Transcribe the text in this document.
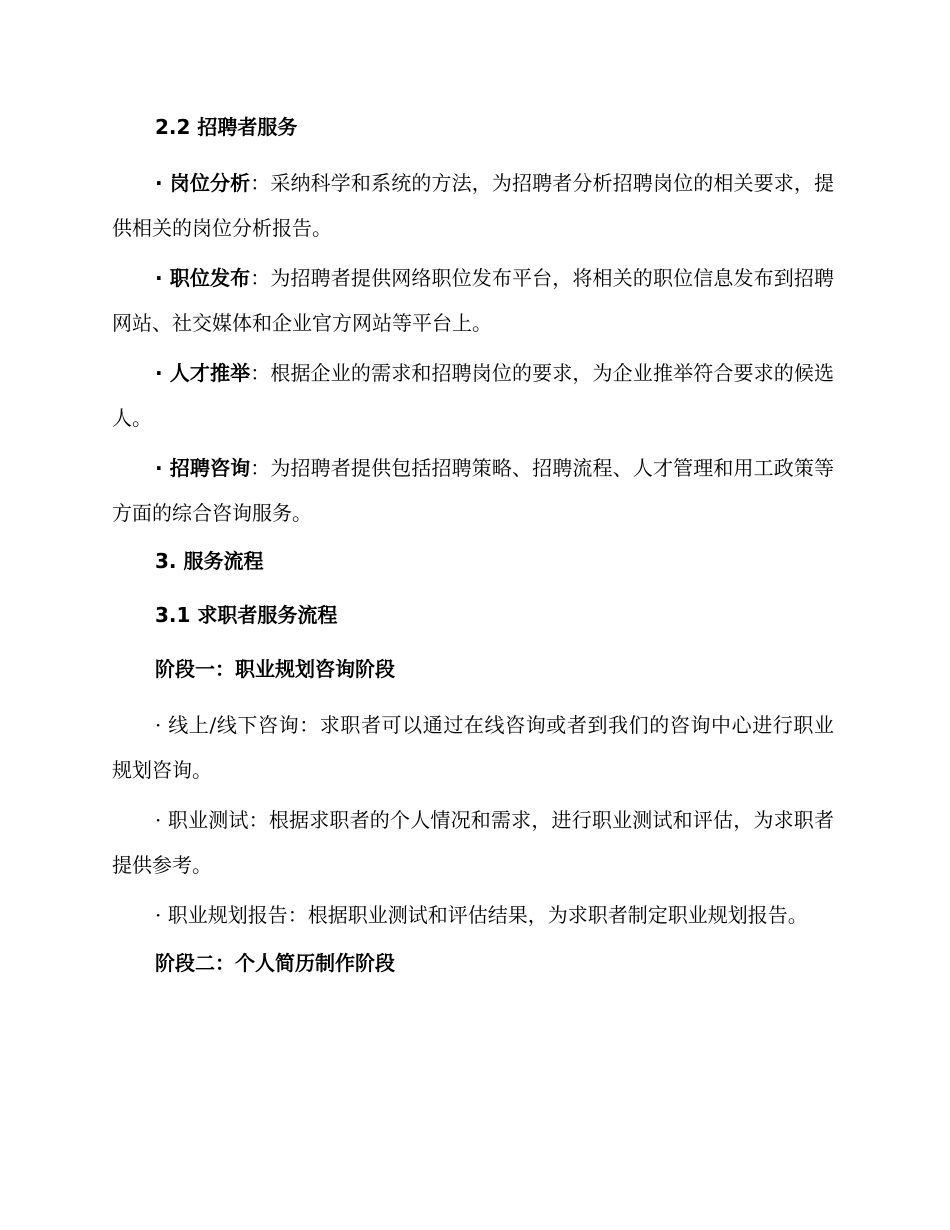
2.2 招聘者服务

· 岗位分析：采纳科学和系统的方法，为招聘者分析招聘岗位的相关要求，提供相关的岗位分析报告。

· 职位发布：为招聘者提供网络职位发布平台，将相关的职位信息发布到招聘网站、社交媒体和企业官方网站等平台上。

· 人才推举：根据企业的需求和招聘岗位的要求，为企业推举符合要求的候选人。

· 招聘咨询：为招聘者提供包括招聘策略、招聘流程、人才管理和用工政策等方面的综合咨询服务。

3. 服务流程
3.1 求职者服务流程
阶段一：职业规划咨询阶段

· 线上/线下咨询：求职者可以通过在线咨询或者到我们的咨询中心进行职业规划咨询。

· 职业测试：根据求职者的个人情况和需求，进行职业测试和评估，为求职者提供参考。

· 职业规划报告：根据职业测试和评估结果，为求职者制定职业规划报告。

阶段二：个人简历制作阶段
